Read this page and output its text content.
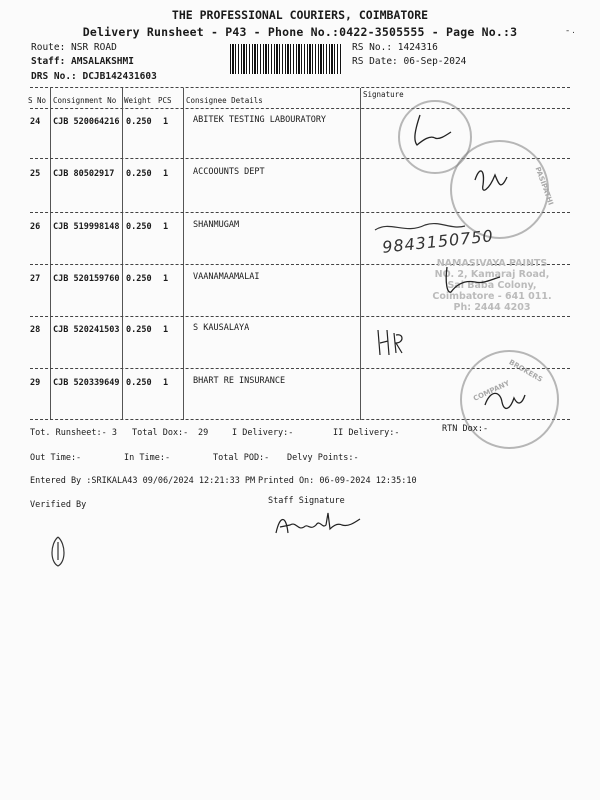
THE PROFESSIONAL COURIERS, COIMBATORE
Delivery Runsheet - P43 - Phone No.:0422-3505555 - Page No.:3	- .
Route: NSR ROAD
Staff: AMSALAKSHMI
DRS No.: DCJB142431603
RS No.: 1424316
RS Date: 06-Sep-2024
S No Consignment No Weight PCS Consignee Details
Signature
24 CJB 520064216 0.250 1	ABITEK TESTING LABOURATORY
25 CJB 80502917 0.250 1	ACCOOUNTS DEPT
26 CJB 519998148 0.250 1	SHANMUGAM
27 CJB 520159760 0.250 1	VAANAMAAMALAI
28 CJB 520241503 0.250 1	S KAUSALAYA
29 CJB 520339649 0.250 1	BHART RE INSURANCE
NAMASIVAYA PAINTS
NO. 2, Kamaraj Road,
Sai Baba Colony,
Coimbatore - 641 011.
Ph: 2444 4203
PASIPATHI
COMPANY
BROKERS
9843150750
Tot. Runsheet:- 3 Total Dox:- 29	I Delivery:-	II Delivery:-	RTN Dox:-
Out Time:-	In Time:-	Total POD:- Delvy Points:-
Entered By :SRIKALA43 09/06/2024 12:21:33 PM Printed On: 06-09-2024 12:35:10
Verified By	Staff Signature
